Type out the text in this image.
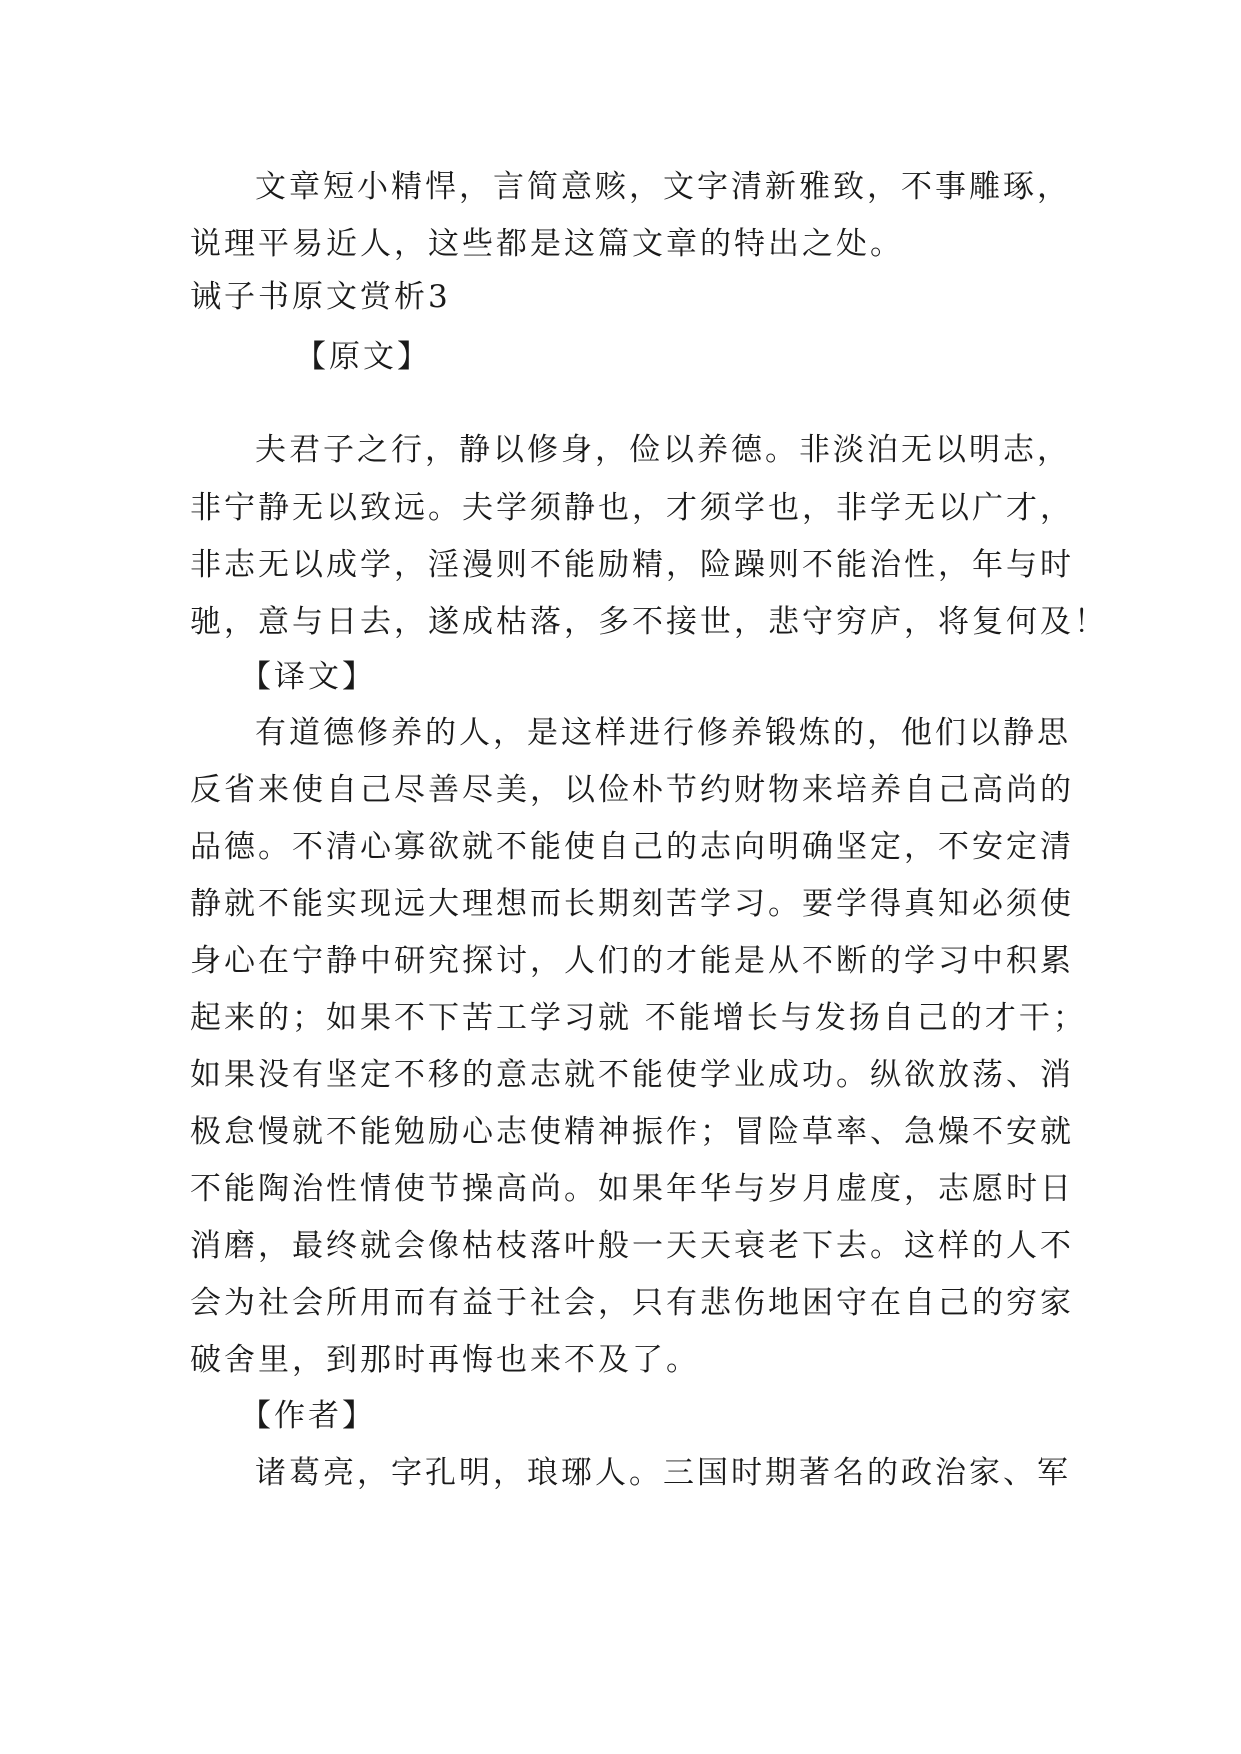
文章短小精悍，言简意赅，文字清新雅致，不事雕琢，
说理平易近人，这些都是这篇文章的特出之处。
诫子书原文赏析3
【原文】
夫君子之行，静以修身，俭以养德。非淡泊无以明志，
非宁静无以致远。夫学须静也，才须学也，非学无以广才，
非志无以成学，淫漫则不能励精，险躁则不能治性，年与时
驰，意与日去，遂成枯落，多不接世，悲守穷庐，将复何及！
【译文】
有道德修养的人，是这样进行修养锻炼的，他们以静思
反省来使自己尽善尽美，以俭朴节约财物来培养自己高尚的
品德。不清心寡欲就不能使自己的志向明确坚定，不安定清
静就不能实现远大理想而长期刻苦学习。要学得真知必须使
身心在宁静中研究探讨，人们的才能是从不断的学习中积累
起来的；如果不下苦工学习就 不能增长与发扬自己的才干；
如果没有坚定不移的意志就不能使学业成功。纵欲放荡、消
极怠慢就不能勉励心志使精神振作；冒险草率、急燥不安就
不能陶治性情使节操高尚。如果年华与岁月虚度，志愿时日
消磨，最终就会像枯枝落叶般一天天衰老下去。这样的人不
会为社会所用而有益于社会，只有悲伤地困守在自己的穷家
破舍里，到那时再悔也来不及了。
【作者】
诸葛亮，字孔明，琅琊人。三国时期著名的政治家、军
